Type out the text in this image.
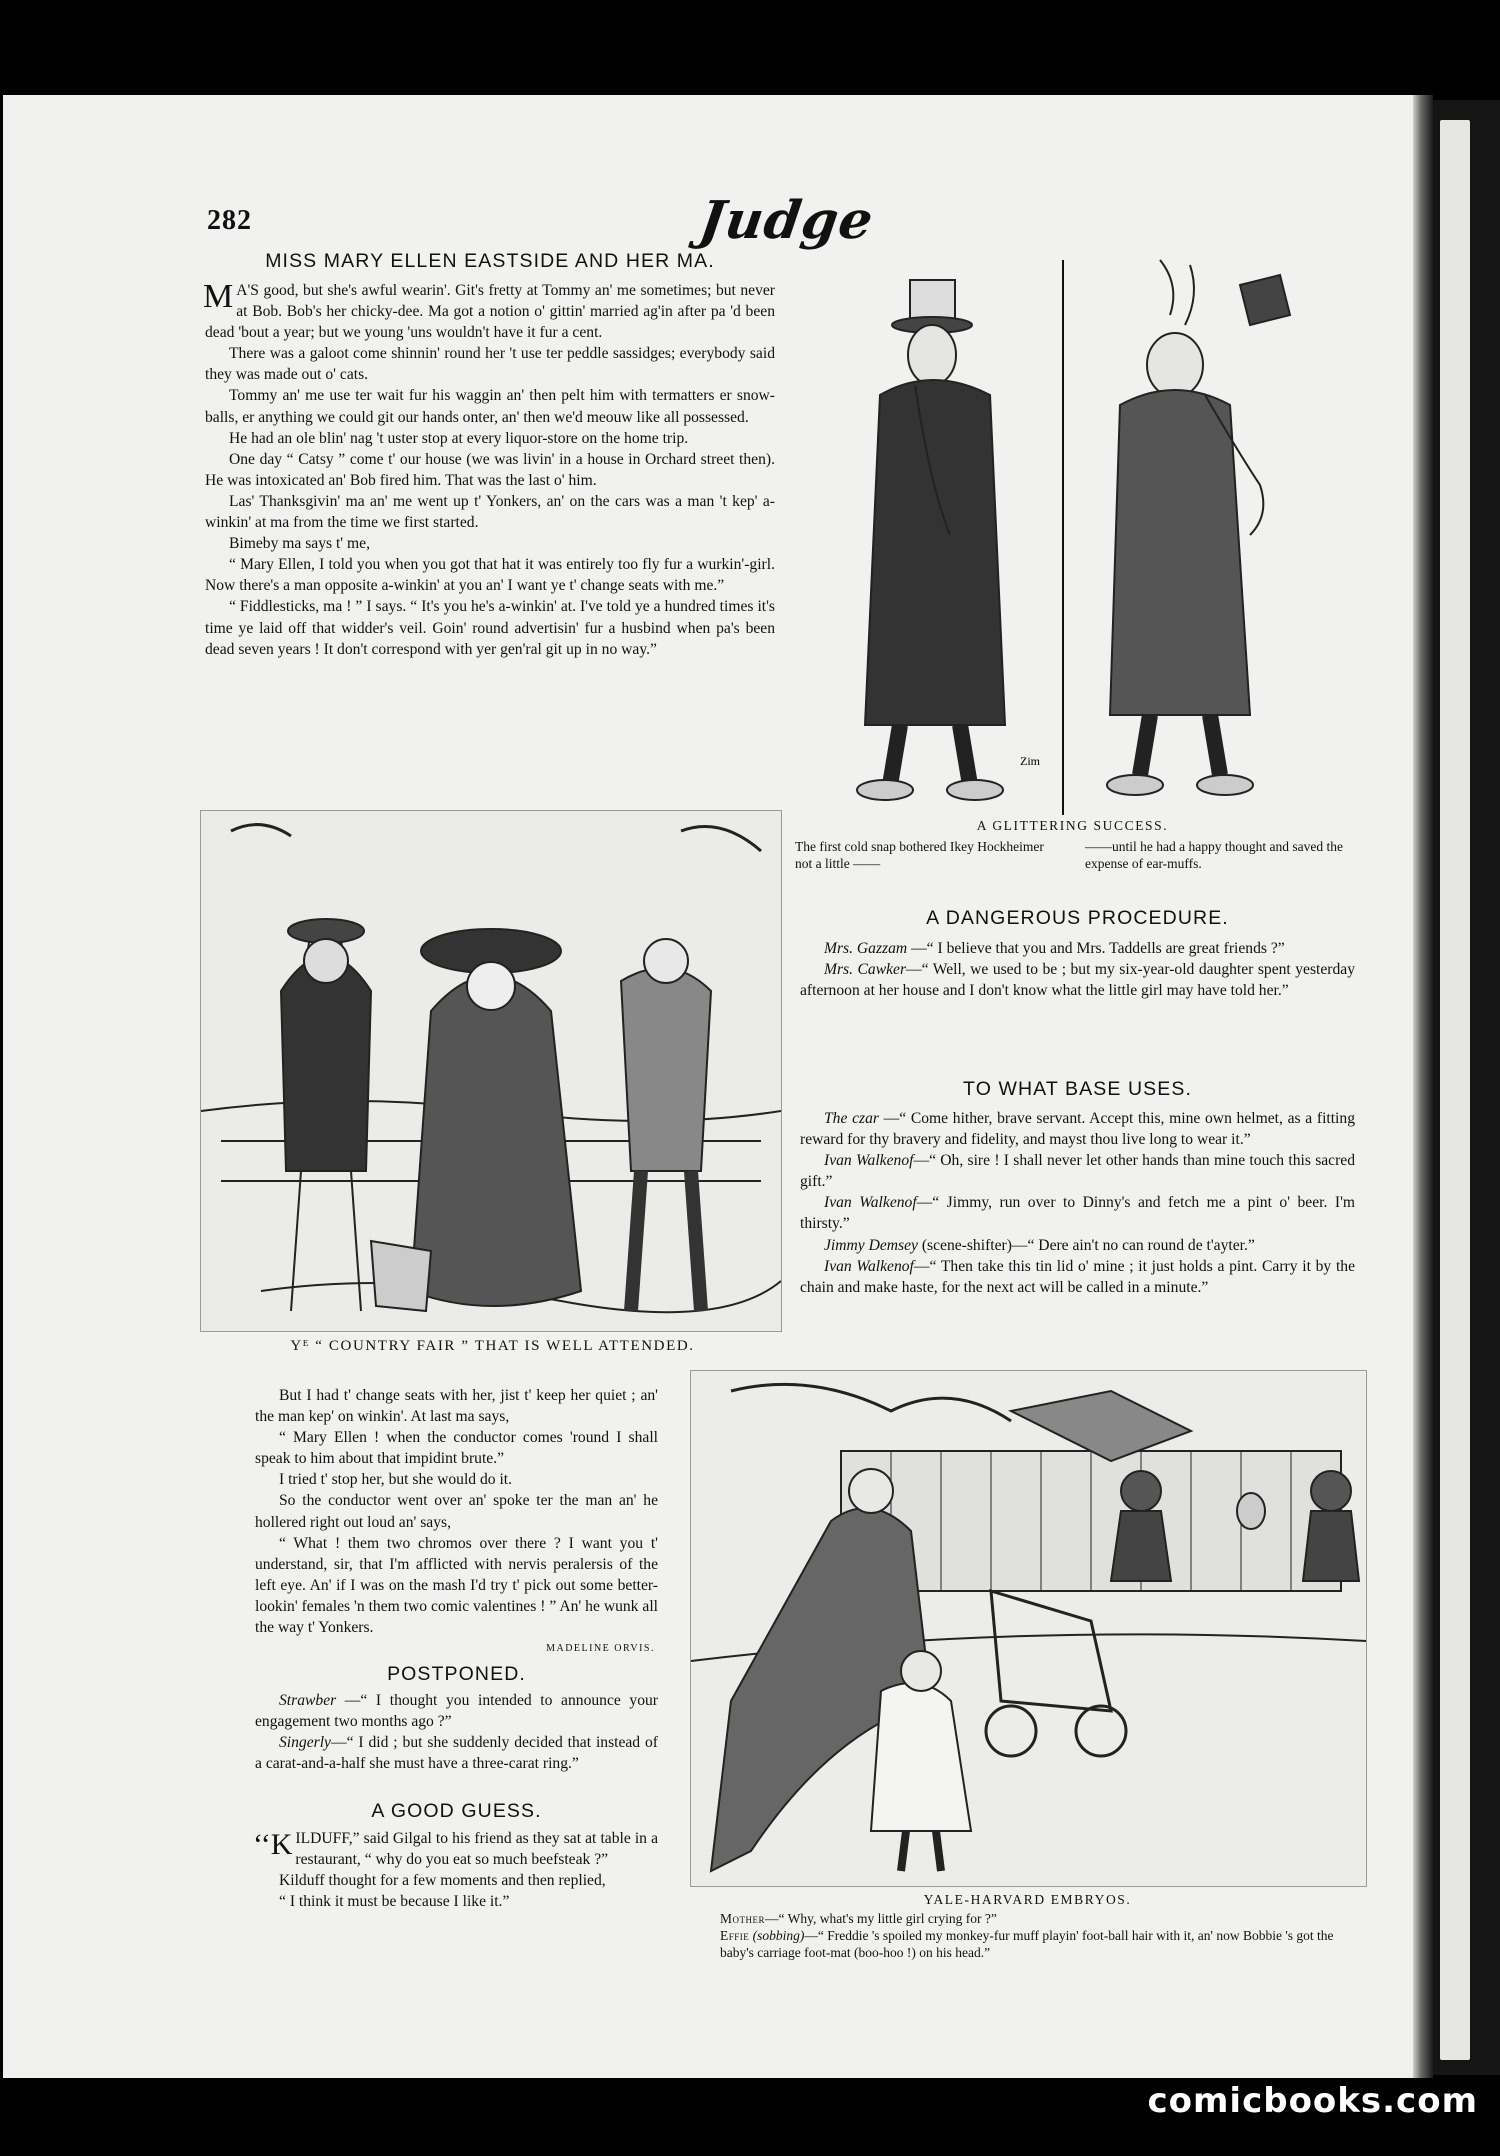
282	Judge
MISS MARY ELLEN EASTSIDE AND HER MA.

M A'S good, but she's awful wearin'. Git's fretty at Tommy an' me sometimes; but never at Bob. Bob's her chicky-dee. Ma got a notion o' gittin' married ag'in after pa 'd been dead 'bout a year; but we young 'uns wouldn't have it fur a cent.

There was a galoot come shinnin' round her 't use ter peddle sassidges; everybody said they was made out o' cats.

Tommy an' me use ter wait fur his waggin an' then pelt him with termatters er snow-balls, er anything we could git our hands onter, an' then we'd meouw like all possessed.

He had an ole blin' nag 't uster stop at every liquor-store on the home trip.

One day “ Catsy ” come t' our house (we was livin' in a house in Orchard street then). He was intoxicated an' Bob fired him. That was the last o' him.

Las' Thanksgivin' ma an' me went up t' Yonkers, an' on the cars was a man 't kep' a-winkin' at ma from the time we first started.

Bimeby ma says t' me,

“ Mary Ellen, I told you when you got that hat it was entirely too fly fur a wurkin'-girl. Now there's a man opposite a-winkin' at you an' I want ye t' change seats with me.”

“ Fiddlesticks, ma ! ” I says. “ It's you he's a-winkin' at. I've told ye a hundred times it's time ye laid off that widder's veil. Goin' round advertisin' fur a husbind when pa's been dead seven years ! It don't correspond with yer gen'ral git up in no way.”

Yᴱ “ COUNTRY FAIR ” THAT IS WELL ATTENDED.

But I had t' change seats with her, jist t' keep her quiet ; an' the man kep' on winkin'. At last ma says,

“ Mary Ellen ! when the conductor comes 'round I shall speak to him about that impidint brute.”

I tried t' stop her, but she would do it.

So the conductor went over an' spoke ter the man an' he hollered right out loud an' says,

“ What ! them two chromos over there ? I want you t' understand, sir, that I'm afflicted with nervis peralersis of the left eye. An' if I was on the mash I'd try t' pick out some better-lookin' females 'n them two comic valentines ! ” An' he wunk all the way t' Yonkers.

MADELINE ORVIS.
POSTPONED.

Strawber —“ I thought you intended to announce your engagement two months ago ?”

Singerly—“ I did ; but she suddenly decided that instead of a carat-and-a-half she must have a three-carat ring.”

A GOOD GUESS.

‘‘K ILDUFF,” said Gilgal to his friend as they sat at table in a restaurant, “ why do you eat so much beefsteak ?”

Kilduff thought for a few moments and then replied,

“ I think it must be because I like it.”

Zim
A GLITTERING SUCCESS.
The first cold snap bothered Ikey Hockheimer not a little ——
——until he had a happy thought and saved the expense of ear-muffs.
A DANGEROUS PROCEDURE.

Mrs. Gazzam —“ I believe that you and Mrs. Taddells are great friends ?”

Mrs. Cawker—“ Well, we used to be ; but my six-year-old daughter spent yesterday afternoon at her house and I don't know what the little girl may have told her.”

TO WHAT BASE USES.

The czar —“ Come hither, brave servant. Accept this, mine own helmet, as a fitting reward for thy bravery and fidelity, and mayst thou live long to wear it.”

Ivan Walkenof—“ Oh, sire ! I shall never let other hands than mine touch this sacred gift.”

Ivan Walkenof—“ Jimmy, run over to Dinny's and fetch me a pint o' beer. I'm thirsty.”

Jimmy Demsey (scene-shifter)—“ Dere ain't no can round de t'ayter.”

Ivan Walkenof—“ Then take this tin lid o' mine ; it just holds a pint. Carry it by the chain and make haste, for the next act will be called in a minute.”

YALE-HARVARD EMBRYOS.
Mother—“ Why, what's my little girl crying for ?”
Effie (sobbing)—“ Freddie 's spoiled my monkey-fur muff playin' foot-ball hair with it, an' now Bobbie 's got the baby's carriage foot-mat (boo-hoo !) on his head.”
comicbooks.com
